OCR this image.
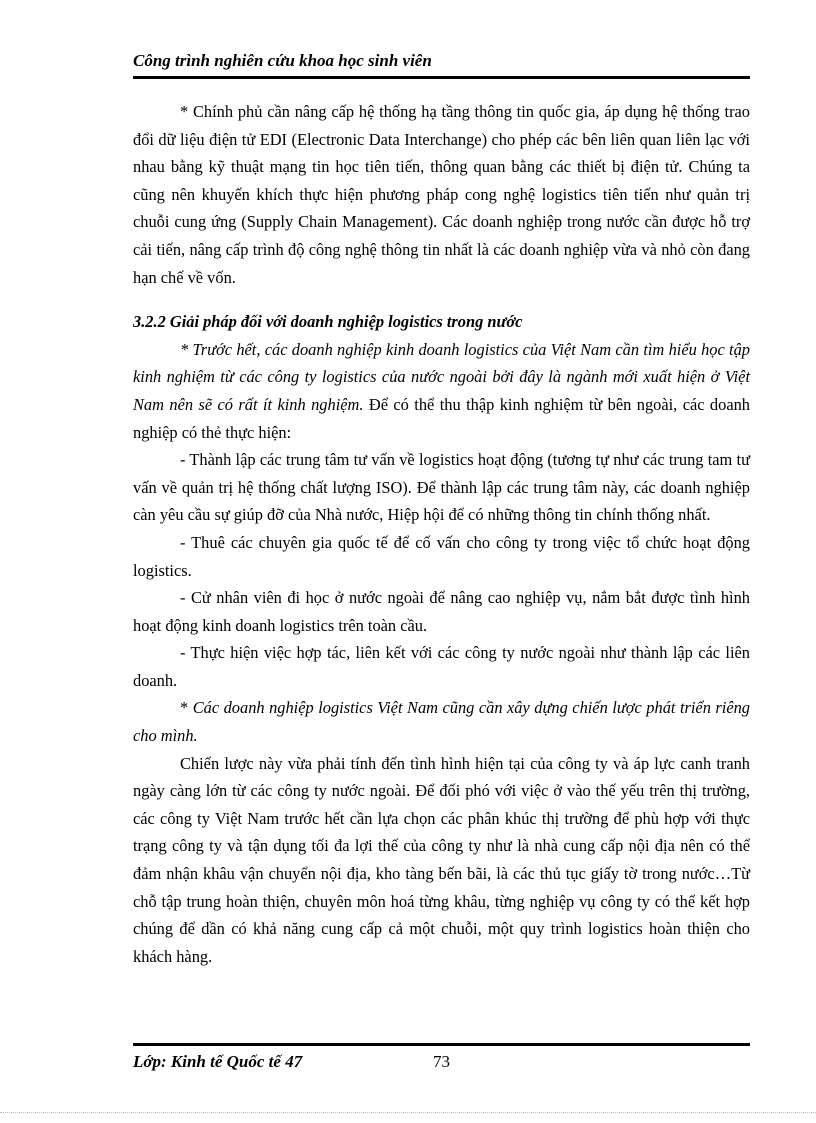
Công trình nghiên cứu khoa học sinh viên

* Chính phủ cần nâng cấp hệ thống hạ tầng thông tin quốc gia, áp dụng hệ thống trao đổi dữ liệu điện tử EDI (Electronic Data Interchange) cho phép các bên liên quan liên lạc với nhau bằng kỹ thuật mạng tin học tiên tiến, thông quan bằng các thiết bị điện tử. Chúng ta cũng nên khuyến khích thực hiện phương pháp cong nghệ logistics tiên tiến như quản trị chuỗi cung ứng (Supply Chain Management). Các doanh nghiệp trong nước cần được hỗ trợ cải tiến, nâng cấp trình độ công nghệ thông tin nhất là các doanh nghiệp vừa và nhỏ còn đang hạn chế về vốn.

3.2.2 Giải pháp đối với doanh nghiệp logistics trong nước

* Trước hết, các doanh nghiệp kinh doanh logistics của Việt Nam cần tìm hiểu học tập kinh nghiệm từ các công ty logistics của nước ngoài bởi đây là ngành mới xuất hiện ở Việt Nam nên sẽ có rất ít kinh nghiệm. Để có thể thu thập kinh nghiệm từ bên ngoài, các doanh nghiệp có thẻ thực hiện:

- Thành lập các trung tâm tư vấn về logistics hoạt động (tương tự như các trung tam tư vấn về quản trị hệ thống chất lượng ISO). Để thành lập các trung tâm này, các doanh nghiệp càn yêu cầu sự giúp đỡ của Nhà nước, Hiệp hội để có những thông tin chính thống nhất.

- Thuê các chuyên gia quốc tế để cố vấn cho công ty trong việc tổ chức hoạt động logistics.

- Cử nhân viên đi học ở nước ngoài để nâng cao nghiệp vụ, nắm bắt được tình hình hoạt động kinh doanh logistics trên toàn cầu.

- Thực hiện việc hợp tác, liên kết với các công ty nước ngoài như thành lập các liên doanh.

* Các doanh nghiệp logistics Việt Nam cũng cần xây dựng chiến lược phát triển riêng cho mình.

Chiến lược này vừa phải tính đến tình hình hiện tại của công ty và áp lực canh tranh ngày càng lớn từ các công ty nước ngoài. Để đối phó với việc ở vào thế yếu trên thị trường, các công ty Việt Nam trước hết cần lựa chọn các phân khúc thị trường để phù hợp với thực trạng công ty và tận dụng tối đa lợi thế của công ty như là nhà cung cấp nội địa nên có thể đảm nhận khâu vận chuyển nội địa, kho tàng bến bãi, là các thủ tục giấy tờ trong nước…Từ chỗ tập trung hoàn thiện, chuyên môn hoá từng khâu, từng nghiệp vụ công ty có thể kết hợp chúng để dần có khả năng cung cấp cả một chuỗi, một quy trình logistics hoàn thiện cho khách hàng.

Lớp: Kinh tế Quốc tế 47	73
